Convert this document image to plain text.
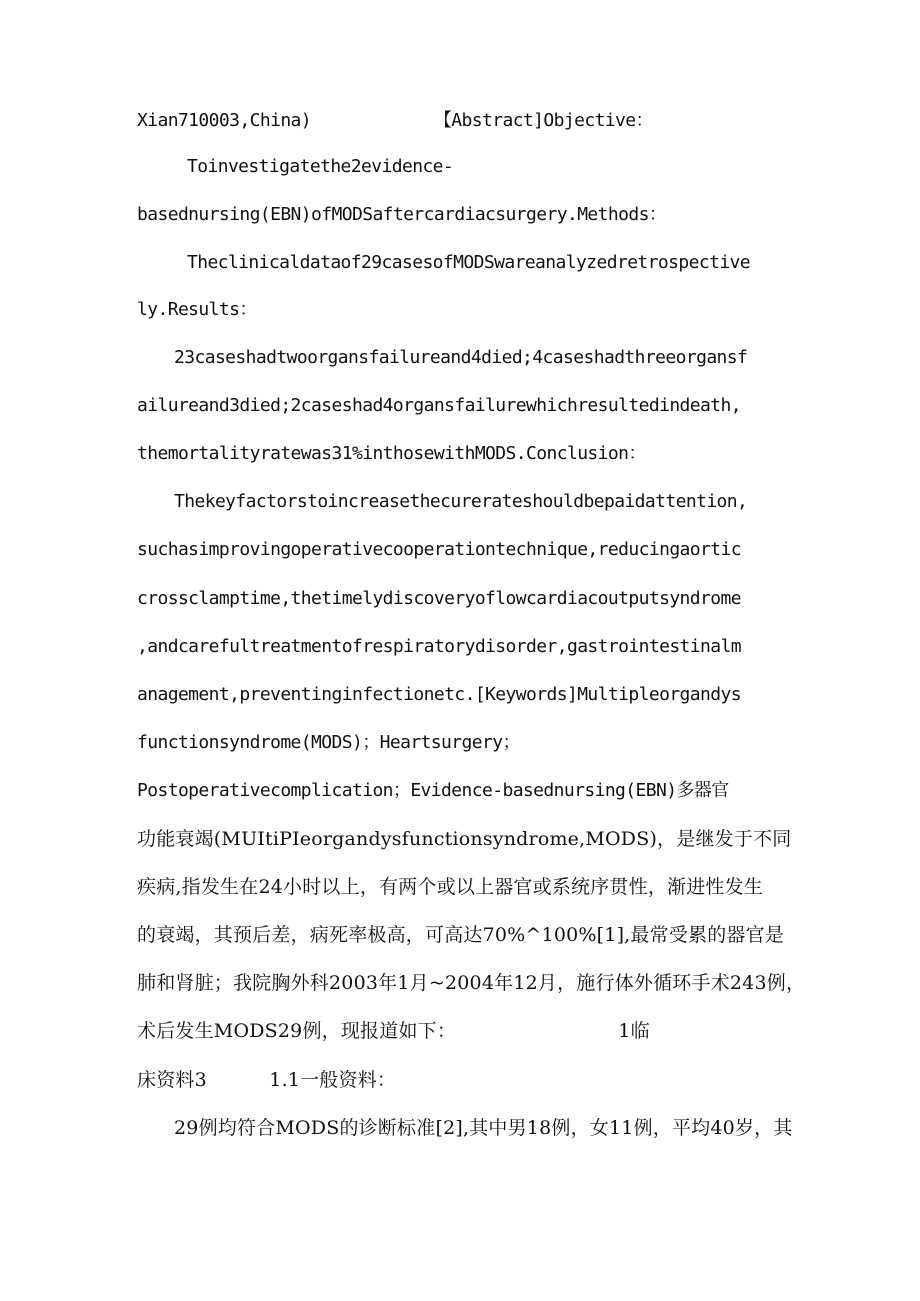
Xian710003,China)            【Abstract]Objective：
Toinvestigatethe2evidence-
basednursing(EBN)ofMODSaftercardiacsurgery.Methods：
Theclinicaldataof29casesofMODSwareanalyzedretrospective
ly.Results：
23caseshadtwoorgansfailureand4died;4caseshadthreeorgansf
ailureand3died;2caseshad4organsfailurewhichresultedindeath,
themortalityratewas31%inthosewithMODS.Conclusion：
Thekeyfactorstoincreasethecurerateshouldbepaidattention,
suchasimprovingoperativecooperationtechnique,reducingaortic
crossclamptime,thetimelydiscoveryoflowcardiacoutputsyndrome
,andcarefultreatmentofrespiratorydisorder,gastrointestinalm
anagement,preventinginfectionetc.[Keywords]Multipleorgandys
functionsyndrome(MODS)；Heartsurgery；
Postoperativecomplication；Evidence-basednursing(EBN)多器官
功能衰竭(MUItiPIeorgandysfunctionsyndrome,MODS)，是继发于不同
疾病,指发生在24小时以上，有两个或以上器官或系统序贯性，渐进性发生
的衰竭，其预后差，病死率极高，可高达70%^100%[1],最常受累的器官是
肺和肾脏；我院胸外科2003年1月~2004年12月，施行体外循环手术243例，
术后发生MODS29例，现报道如下：                          1临
床资料3          1.1一般资料：
29例均符合MODS的诊断标准[2],其中男18例，女11例，平均40岁，其
